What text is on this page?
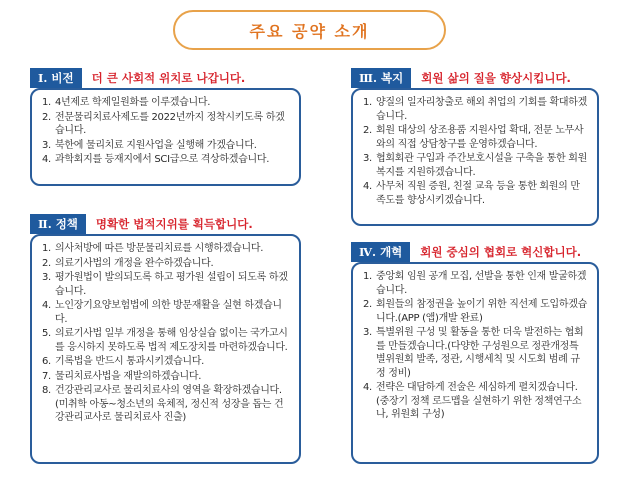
주요 공약 소개
Ⅰ. 비전 더 큰 사회적 위치로 나갑니다.
1. 4년제로 학제일원화를 이루겠습니다.
2. 전문물리치료사제도를 2022년까지 정착시키도록 하겠습니다.
3. 북한에 물리치료 지원사업을 실행해 가겠습니다.
4. 과학회지를 등재지에서 SCI급으로 격상하겠습니다.
Ⅱ. 정책 명확한 법적지위를 획득합니다.
1. 의사처방에 따른 방문물리치료를 시행하겠습니다.
2. 의료기사법의 개정을 완수하겠습니다.
3. 평가원법이 발의되도록 하고 평가원 설립이 되도록 하겠습니다.
4. 노인장기요양보험법에 의한 방문재활을 실현 하겠습니다.
5. 의료기사법 일부 개정을 통해 임상실습 없이는 국가고시를 응시하지 못하도록 법적 제도장치를 마련하겠습니다.
6. 기록법을 반드시 통과시키겠습니다.
7. 물리치료사법을 재발의하겠습니다.
8. 건강관리교사로 물리치료사의 영역을 확장하겠습니다. (미취학 아동~청소년의 육체적, 정신적 성장을 돕는 건강관리교사로 물리치료사 진출)
Ⅲ. 복지 회원 삶의 질을 향상시킵니다.
1. 양질의 일자리창출로 해외 취업의 기회를 확대하겠습니다.
2. 회원 대상의 상조용품 지원사업 확대, 전문 노무사와의 직접 상담창구를 운영하겠습니다.
3. 협회회관 구입과 주간보호시설을 구축을 통한 회원복지를 지원하겠습니다.
4. 사무처 직원 증원, 친절 교육 등을 통한 회원의 만족도를 향상시키겠습니다.
Ⅳ. 개혁 회원 중심의 협회로 혁신합니다.
1. 중앙회 임원 공개 모집, 선발을 통한 인재 발굴하겠습니다.
2. 회원들의 참정권을 높이기 위한 직선제 도입하겠습니다.(APP (앱)개발 완료)
3. 특별위원 구성 및 활동을 통한 더욱 발전하는 협회 를 만들겠습니다.(다양한 구성원으로 정관개정특별위원회 발족, 정관, 시행세칙 및 시도회 범례 규정 정비)
4. 전략은 대담하게 전술은 세심하게 펼치겠습니다.(중장기 정책 로드맵을 실현하기 위한 정책연구소나, 위원회 구성)
